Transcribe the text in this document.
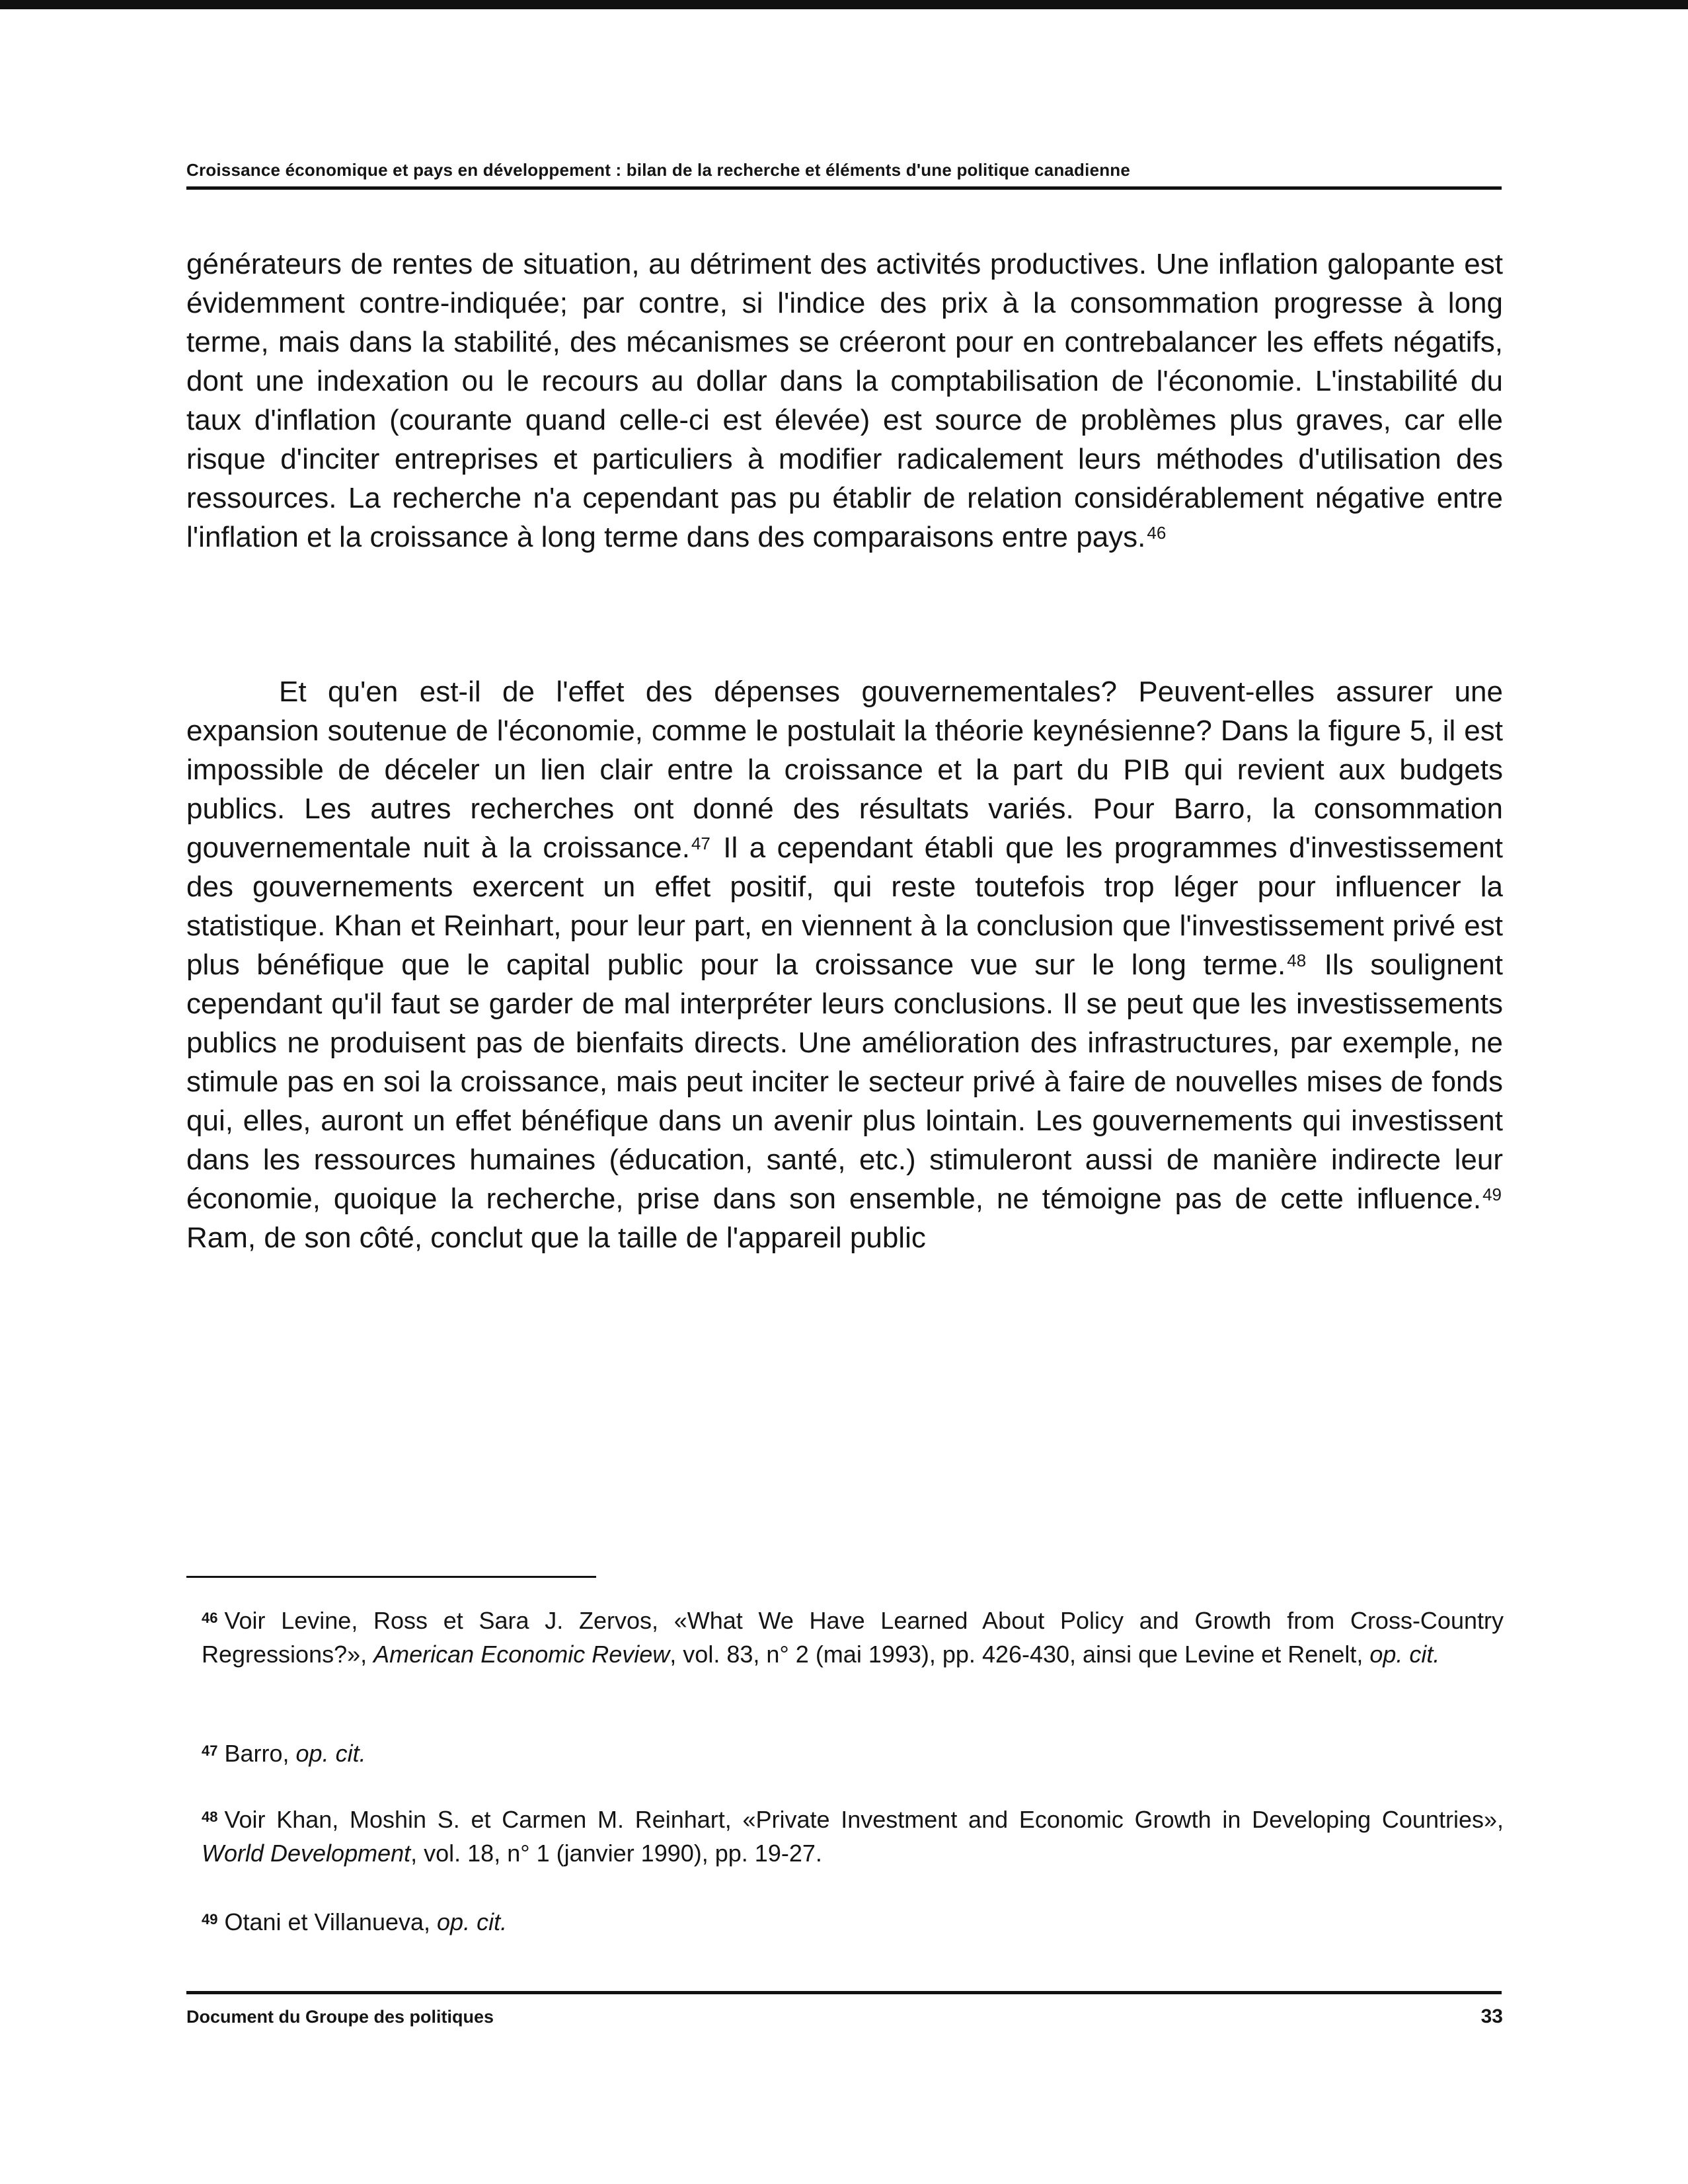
Croissance économique et pays en développement : bilan de la recherche et éléments d'une politique canadienne

générateurs de rentes de situation, au détriment des activités productives. Une inflation galopante est évidemment contre-indiquée; par contre, si l'indice des prix à la consommation progresse à long terme, mais dans la stabilité, des mécanismes se créeront pour en contrebalancer les effets négatifs, dont une indexation ou le recours au dollar dans la comptabilisation de l'économie. L'instabilité du taux d'inflation (courante quand celle-ci est élevée) est source de problèmes plus graves, car elle risque d'inciter entreprises et particuliers à modifier radicalement leurs méthodes d'utilisation des ressources. La recherche n'a cependant pas pu établir de relation considérablement négative entre l'inflation et la croissance à long terme dans des comparaisons entre pays.$^{46}$

Et qu'en est-il de l'effet des dépenses gouvernementales? Peuvent-elles assurer une expansion soutenue de l'économie, comme le postulait la théorie keynésienne? Dans la figure 5, il est impossible de déceler un lien clair entre la croissance et la part du PIB qui revient aux budgets publics. Les autres recherches ont donné des résultats variés. Pour Barro, la consommation gouvernementale nuit à la croissance.$^{47}$ Il a cependant établi que les programmes d'investissement des gouvernements exercent un effet positif, qui reste toutefois trop léger pour influencer la statistique. Khan et Reinhart, pour leur part, en viennent à la conclusion que l'investissement privé est plus bénéfique que le capital public pour la croissance vue sur le long terme.$^{48}$ Ils soulignent cependant qu'il faut se garder de mal interpréter leurs conclusions. Il se peut que les investissements publics ne produisent pas de bienfaits directs. Une amélioration des infrastructures, par exemple, ne stimule pas en soi la croissance, mais peut inciter le secteur privé à faire de nouvelles mises de fonds qui, elles, auront un effet bénéfique dans un avenir plus lointain. Les gouvernements qui investissent dans les ressources humaines (éducation, santé, etc.) stimuleront aussi de manière indirecte leur économie, quoique la recherche, prise dans son ensemble, ne témoigne pas de cette influence.$^{49}$ Ram, de son côté, conclut que la taille de l'appareil public

$^{46}$ Voir Levine, Ross et Sara J. Zervos, «What We Have Learned About Policy and Growth from Cross-Country Regressions?», American Economic Review, vol. 83, n° 2 (mai 1993), pp. 426-430, ainsi que Levine et Renelt, op. cit.

$^{47}$ Barro, op. cit.

$^{48}$ Voir Khan, Moshin S. et Carmen M. Reinhart, «Private Investment and Economic Growth in Developing Countries», World Development, vol. 18, n° 1 (janvier 1990), pp. 19-27.

$^{49}$ Otani et Villanueva, op. cit.

Document du Groupe des politiques	33
